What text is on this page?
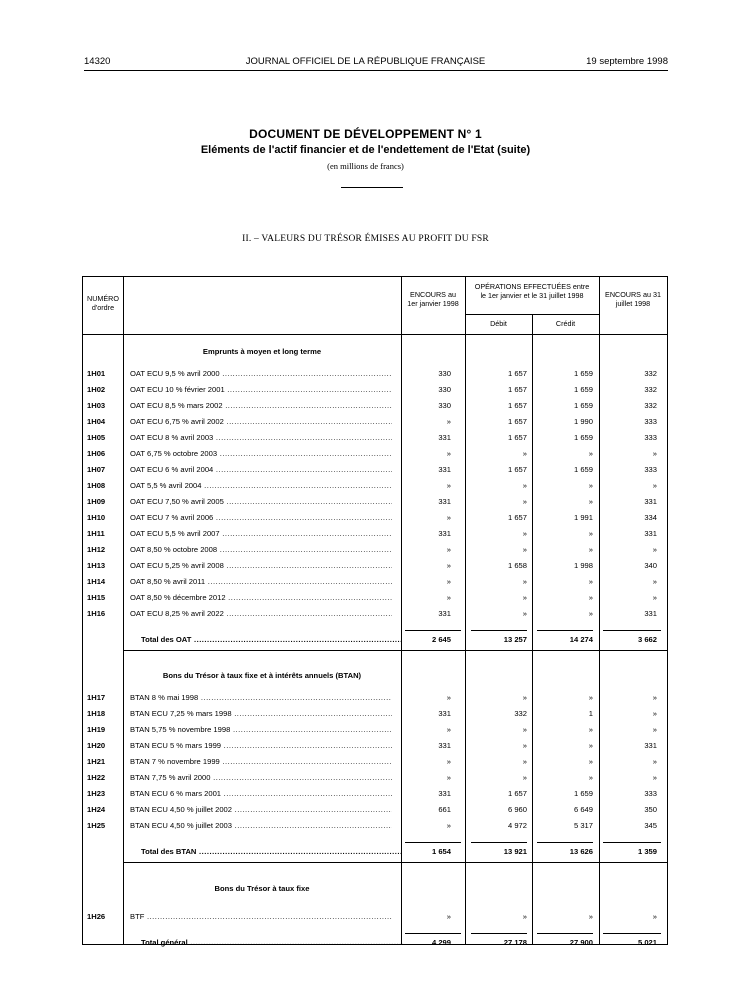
14320	JOURNAL OFFICIEL DE LA RÉPUBLIQUE FRANÇAISE	19 septembre 1998
DOCUMENT DE DÉVELOPPEMENT N° 1
Eléments de l'actif financier et de l'endettement de l'Etat (suite)
(en millions de francs)
II. – VALEURS DU TRÉSOR ÉMISES AU PROFIT DU FSR
NUMÉRO d'ordre
ENCOURS au 1er janvier 1998
OPÉRATIONS EFFECTUÉES entre le 1er janvier et le 31 juillet 1998
Débit	Crédit
ENCOURS au 31 juillet 1998
Emprunts à moyen et long terme
1H01	OAT ECU 9,5 % avril 2000 .....	330	1 657	1 659	332
1H02	OAT ECU 10 % février 2001 .....	330	1 657	1 659	332
1H03	OAT ECU 8,5 % mars 2002 .....	330	1 657	1 659	332
1H04	OAT ECU 6,75 % avril 2002 .....	»	1 657	1 990	333
1H05	OAT ECU 8 % avril 2003 .....	331	1 657	1 659	333
1H06	OAT 6,75 % octobre 2003 .....	»	»	»	»
1H07	OAT ECU 6 % avril 2004 .....	331	1 657	1 659	333
1H08	OAT 5,5 % avril 2004 .....	»	»	»	»
1H09	OAT ECU 7,50 % avril 2005 .....	331	»	»	331
1H10	OAT ECU 7 % avril 2006 .....	»	1 657	1 991	334
1H11	OAT ECU 5,5 % avril 2007 .....	331	»	»	331
1H12	OAT 8,50 % octobre 2008 .....	»	»	»	»
1H13	OAT ECU 5,25 % avril 2008 .....	»	1 658	1 998	340
1H14	OAT 8,50 % avril 2011 .....	»	»	»	»
1H15	OAT 8,50 % décembre 2012 .....	»	»	»	»
1H16	OAT ECU 8,25 % avril 2022 .....	331	»	»	331
Total des OAT .....	2 645	13 257	14 274	3 662
Bons du Trésor à taux fixe et à intérêts annuels (BTAN)
1H17	BTAN 8 % mai 1998 .....	»	»	»	»
1H18	BTAN ECU 7,25 % mars 1998 .....	331	332	1	»
1H19	BTAN 5,75 % novembre 1998 .....	»	»	»	»
1H20	BTAN ECU 5 % mars 1999 .....	331	»	»	331
1H21	BTAN 7 % novembre 1999 .....	»	»	»	»
1H22	BTAN 7,75 % avril 2000 .....	»	»	»	»
1H23	BTAN ECU 6 % mars 2001 .....	331	1 657	1 659	333
1H24	BTAN ECU 4,50 % juillet 2002 .....	661	6 960	6 649	350
1H25	BTAN ECU 4,50 % juillet 2003 .....	»	4 972	5 317	345
Total des BTAN .....	1 654	13 921	13 626	1 359
Bons du Trésor à taux fixe
1H26	BTF .....	»	»	»	»
Total général .....	4 299	27 178	27 900	5 021
